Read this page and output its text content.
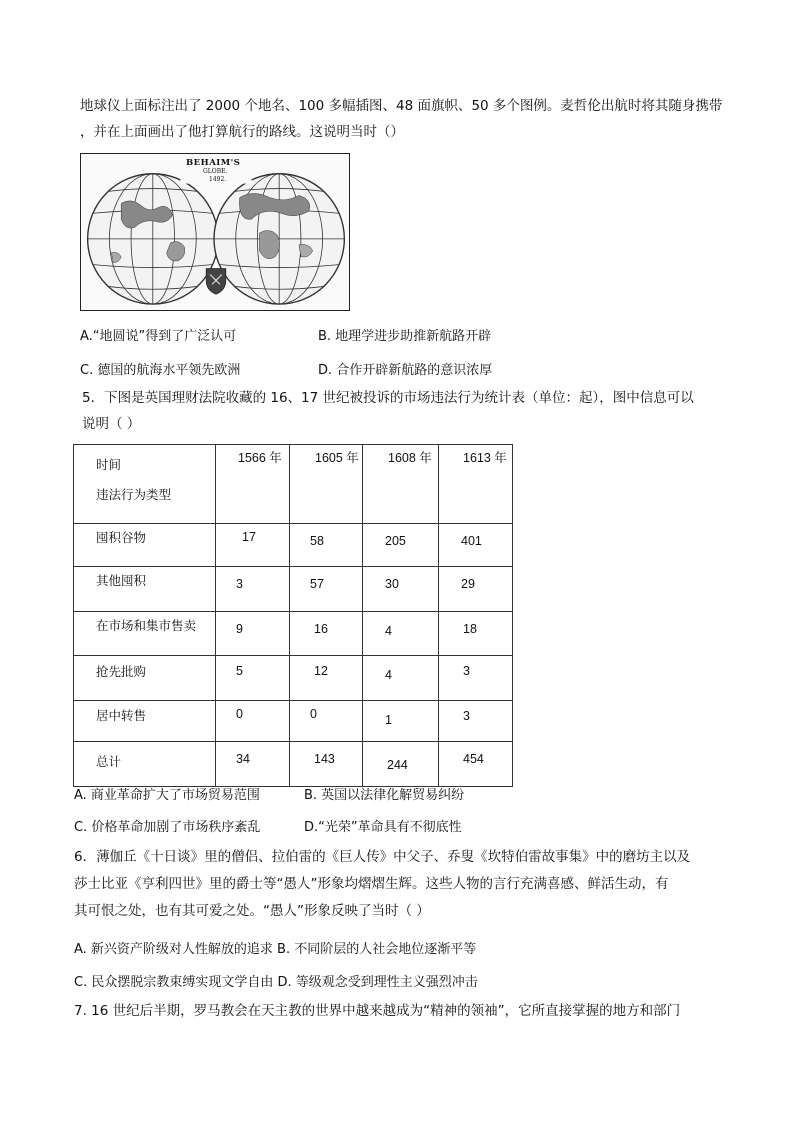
地球仪上面标注出了 2000 个地名、100 多幅插图、48 面旗帜、50 多个图例。麦哲伦出航时将其随身携带
，并在上面画出了他打算航行的路线。这说明当时（）
BEHAIM'S
GLOBE.
1492.
A.“地圆说”得到了广泛认可	B. 地理学进步助推新航路开辟
C. 德国的航海水平领先欧洲	D. 合作开辟新航路的意识浓厚
5．下图是英国理财法院收藏的 16、17 世纪被投诉的市场违法行为统计表（单位：起），图中信息可以
说明（ ）
时间
违法行为类型	1566 年	1605 年	1608 年	1613 年

囤积谷物	17	58	205	401

其他囤积	3	57	30	29

在市场和集市售卖	9	16	4	18

抢先批购	5	12	4	3

居中转售	0	0	1	3

总计	34	143	244	454
A. 商业革命扩大了市场贸易范围	B. 英国以法律化解贸易纠纷
C. 价格革命加剧了市场秩序紊乱	D.“光荣”革命具有不彻底性
6．薄伽丘《十日谈》里的僧侣、拉伯雷的《巨人传》中父子、乔叟《坎特伯雷故事集》中的磨坊主以及
莎士比亚《亨利四世》里的爵士等“愚人”形象均熠熠生辉。这些人物的言行充满喜感、鲜活生动，有
其可恨之处，也有其可爱之处。“愚人”形象反映了当时（ ）
A. 新兴资产阶级对人性解放的追求 B. 不同阶层的人社会地位逐渐平等
C. 民众摆脱宗教束缚实现文学自由 D. 等级观念受到理性主义强烈冲击
7. 16 世纪后半期，罗马教会在天主教的世界中越来越成为“精神的领袖”，它所直接掌握的地方和部门
